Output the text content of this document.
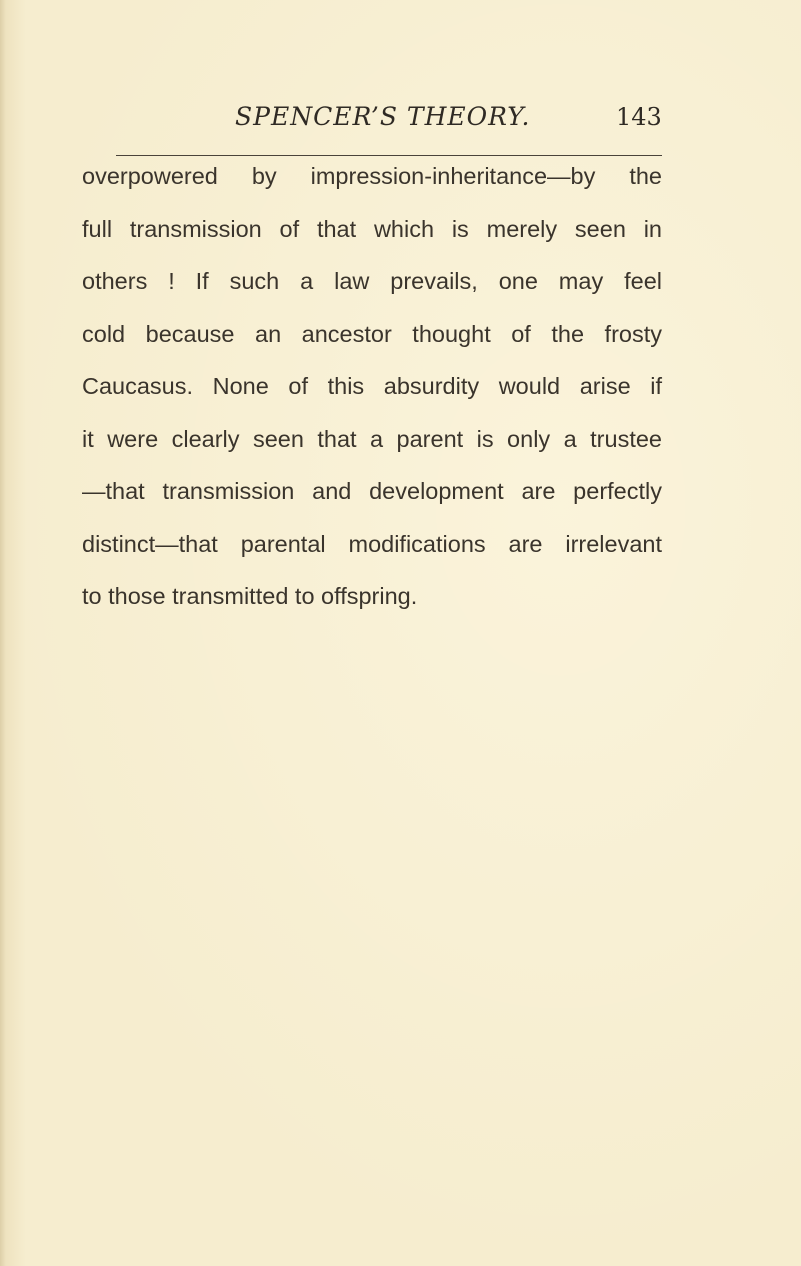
SPENCER’S THEORY.	143
overpowered by impression-inheritance—by the
full transmission of that which is merely seen in
others ! If such a law prevails, one may feel
cold because an ancestor thought of the frosty
Caucasus. None of this absurdity would arise if
it were clearly seen that a parent is only a trustee
—that transmission and development are perfectly
distinct—that parental modifications are irrelevant
to those transmitted to offspring.
